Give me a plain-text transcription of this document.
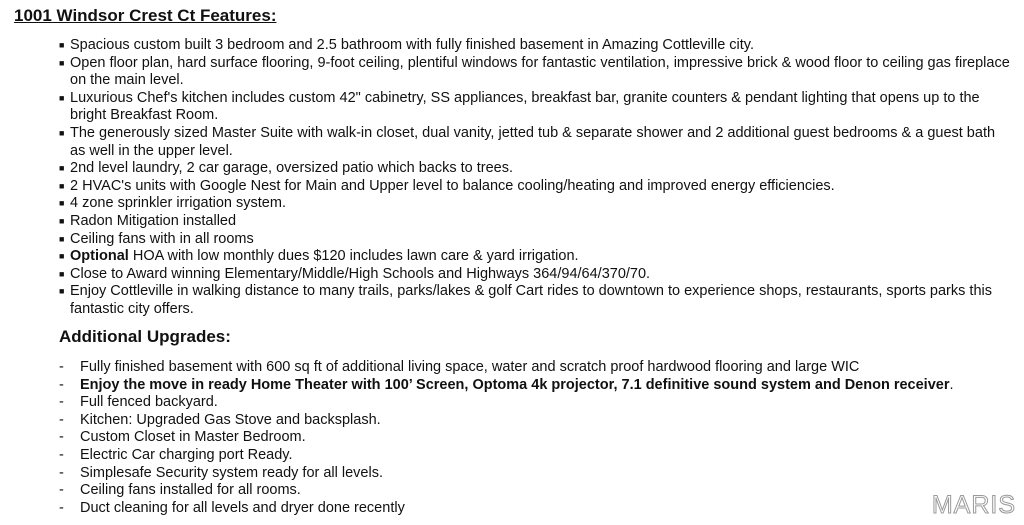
1001 Windsor Crest Ct Features:
■ Spacious custom built 3 bedroom and 2.5 bathroom with fully finished basement in Amazing Cottleville city.
■ Open floor plan, hard surface flooring, 9-foot ceiling, plentiful windows for fantastic ventilation, impressive brick & wood floor to ceiling gas fireplace on the main level.
■ Luxurious Chef's kitchen includes custom 42" cabinetry, SS appliances, breakfast bar, granite counters & pendant lighting that opens up to the bright Breakfast Room.
■ The generously sized Master Suite with walk-in closet, dual vanity, jetted tub & separate shower and 2 additional guest bedrooms & a guest bath as well in the upper level.
■ 2nd level laundry, 2 car garage, oversized patio which backs to trees.
■ 2 HVAC's units with Google Nest for Main and Upper level to balance cooling/heating and improved energy efficiencies.
■ 4 zone sprinkler irrigation system.
■ Radon Mitigation installed
■ Ceiling fans with in all rooms
■ Optional HOA with low monthly dues $120 includes lawn care & yard irrigation.
■ Close to Award winning Elementary/Middle/High Schools and Highways 364/94/64/370/70.
■ Enjoy Cottleville in walking distance to many trails, parks/lakes & golf Cart rides to downtown to experience shops, restaurants, sports parks this fantastic city offers.
Additional Upgrades:
- Fully finished basement with 600 sq ft of additional living space, water and scratch proof hardwood flooring and large WIC
- Enjoy the move in ready Home Theater with 100’ Screen, Optoma 4k projector, 7.1 definitive sound system and Denon receiver.
- Full fenced backyard.
- Kitchen: Upgraded Gas Stove and backsplash.
- Custom Closet in Master Bedroom.
- Electric Car charging port Ready.
- Simplesafe Security system ready for all levels.
- Ceiling fans installed for all rooms.
- Duct cleaning for all levels and dryer done recently	MARIS
